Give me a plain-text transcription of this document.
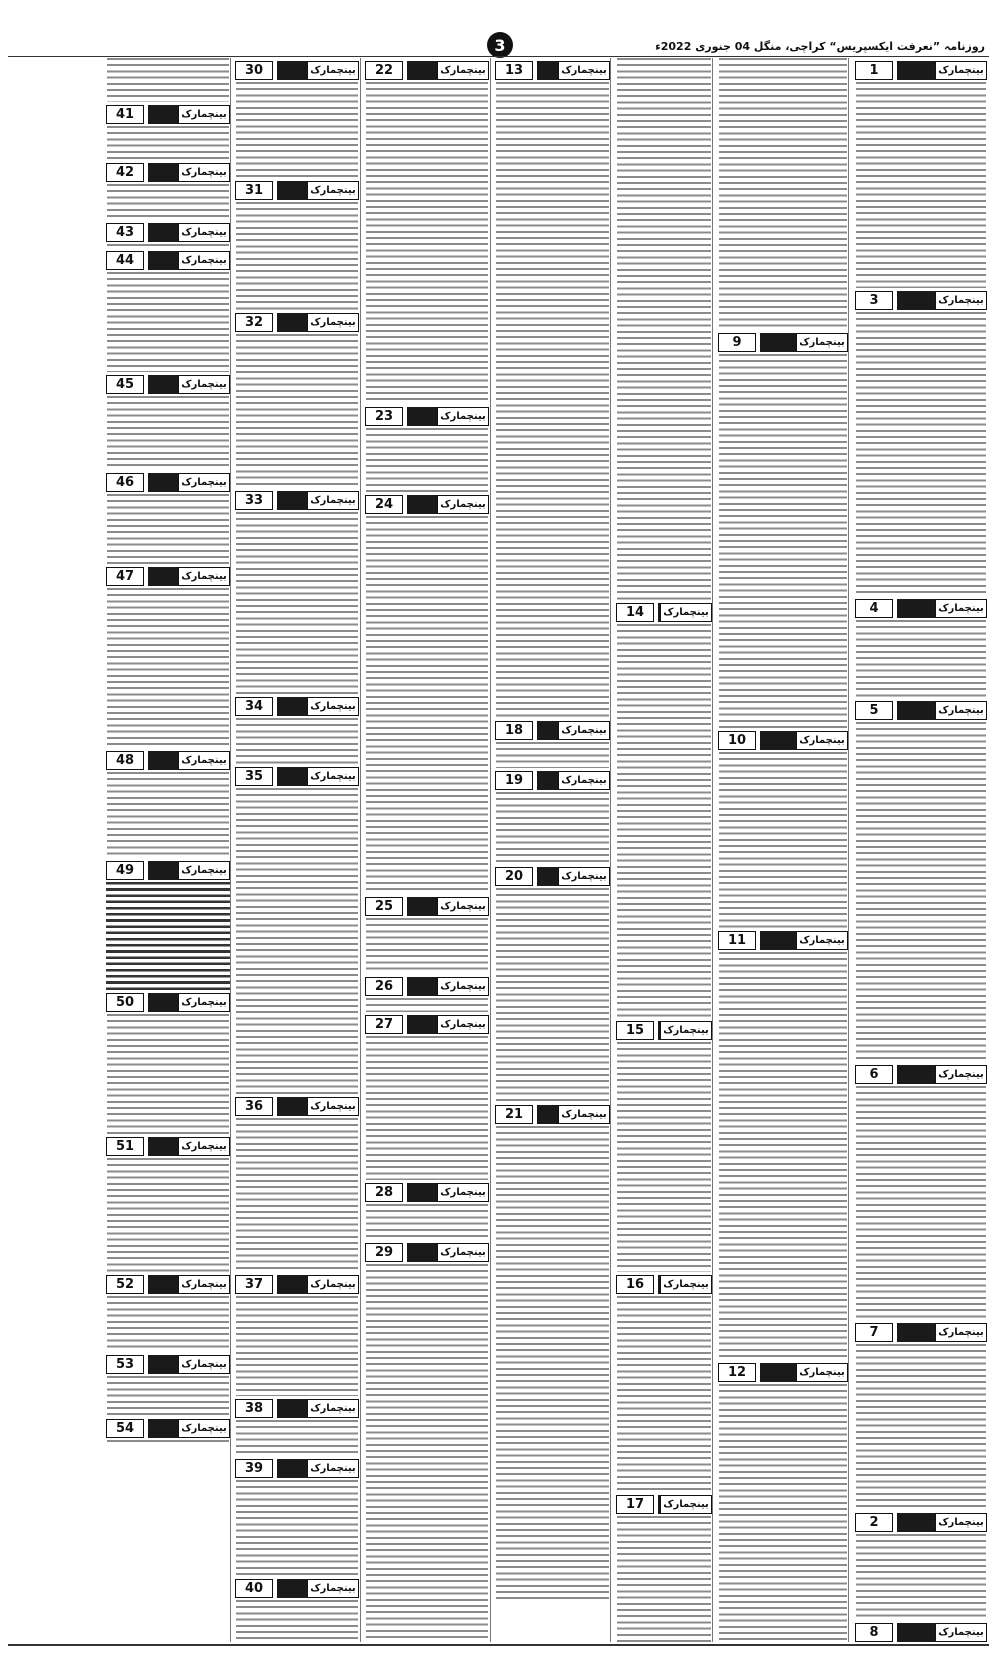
3	روزنامہ ”نعرفت ایکسپریس“ کراچی، منگل 04 جنوری 2022ء
1	بینچمارک
3	بینچمارک
4	بینچمارک
5	بینچمارک
6	بینچمارک
7	بینچمارک
2	بینچمارک
8	بینچمارک
9	بینچمارک
10	بینچمارک
11	بینچمارک
12	بینچمارک
14	بینچمارک
15	بینچمارک
16	بینچمارک
17	بینچمارک
13	بینچمارک
18	بینچمارک
19	بینچمارک
20	بینچمارک
21	بینچمارک
22	بینچمارک
23	بینچمارک
24	بینچمارک
25	بینچمارک
26	بینچمارک
27	بینچمارک
28	بینچمارک
29	بینچمارک
30	بینچمارک
31	بینچمارک
32	بینچمارک
33	بینچمارک
34	بینچمارک
35	بینچمارک
36	بینچمارک
37	بینچمارک
38	بینچمارک
39	بینچمارک
40	بینچمارک
41	بینچمارک
42	بینچمارک
43	بینچمارک
44	بینچمارک
45	بینچمارک
46	بینچمارک
47	بینچمارک
48	بینچمارک
49	بینچمارک
50	بینچمارک
51	بینچمارک
52	بینچمارک
53	بینچمارک
54	بینچمارک
